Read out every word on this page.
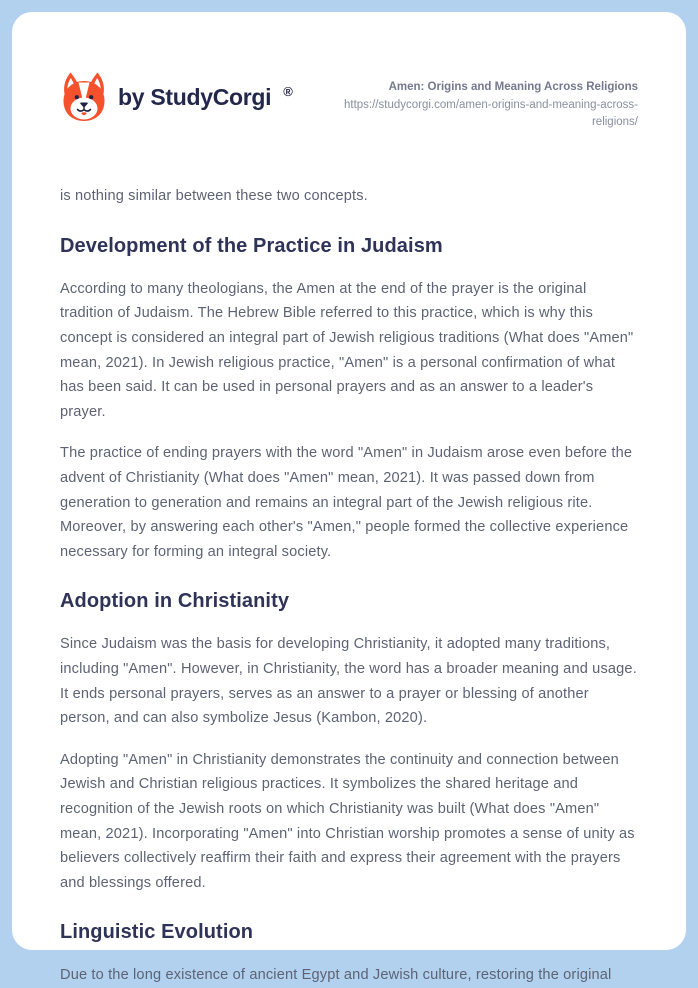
by StudyCorgi ®	Amen: Origins and Meaning Across Religions
https://studycorgi.com/amen-origins-and-meaning-across-religions/

is nothing similar between these two concepts.

Development of the Practice in Judaism

According to many theologians, the Amen at the end of the prayer is the original tradition of Judaism. The Hebrew Bible referred to this practice, which is why this concept is considered an integral part of Jewish religious traditions (What does "Amen" mean, 2021). In Jewish religious practice, "Amen" is a personal confirmation of what has been said. It can be used in personal prayers and as an answer to a leader's prayer.

The practice of ending prayers with the word "Amen" in Judaism arose even before the advent of Christianity (What does "Amen" mean, 2021). It was passed down from generation to generation and remains an integral part of the Jewish religious rite. Moreover, by answering each other's "Amen," people formed the collective experience necessary for forming an integral society.

Adoption in Christianity

Since Judaism was the basis for developing Christianity, it adopted many traditions, including "Amen". However, in Christianity, the word has a broader meaning and usage. It ends personal prayers, serves as an answer to a prayer or blessing of another person, and can also symbolize Jesus (Kambon, 2020).

Adopting "Amen" in Christianity demonstrates the continuity and connection between Jewish and Christian religious practices. It symbolizes the shared heritage and recognition of the Jewish roots on which Christianity was built (What does "Amen" mean, 2021). Incorporating "Amen" into Christian worship promotes a sense of unity as believers collectively reaffirm their faith and express their agreement with the prayers and blessings offered.

Linguistic Evolution

Due to the long existence of ancient Egypt and Jewish culture, restoring the original
